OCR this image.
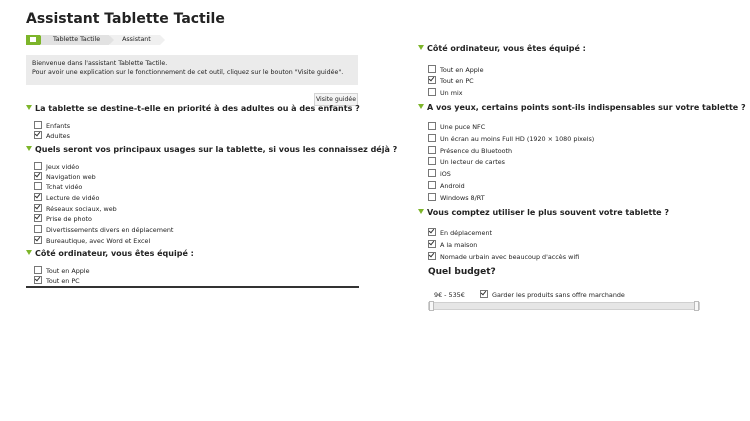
Assistant Tablette Tactile
Tablette Tactile	Assistant
Bienvenue dans l'assistant Tablette Tactile.
Pour avoir une explication sur le fonctionnement de cet outil, cliquez sur le bouton "Visite guidée".
Visite guidée
La tablette se destine-t-elle en priorité à des adultes ou à des enfants ?
Enfants
Adultes
Quels seront vos principaux usages sur la tablette, si vous les connaissez déjà ?
Jeux vidéo
Navigation web
Tchat vidéo
Lecture de vidéo
Réseaux sociaux, web
Prise de photo
Divertissements divers en déplacement
Bureautique, avec Word et Excel
Côté ordinateur, vous êtes équipé :
Tout en Apple
Tout en PC
Côté ordinateur, vous êtes équipé :
Tout en Apple
Tout en PC
Un mix
A vos yeux, certains points sont-ils indispensables sur votre tablette ?
Une puce NFC
Un écran au moins Full HD (1920 × 1080 pixels)
Présence du Bluetooth
Un lecteur de cartes
iOS
Android
Windows 8/RT
Vous comptez utiliser le plus souvent votre tablette ?
En déplacement
A la maison
Nomade urbain avec beaucoup d'accès wifi
Quel budget?
9€ - 535€	Garder les produits sans offre marchande
